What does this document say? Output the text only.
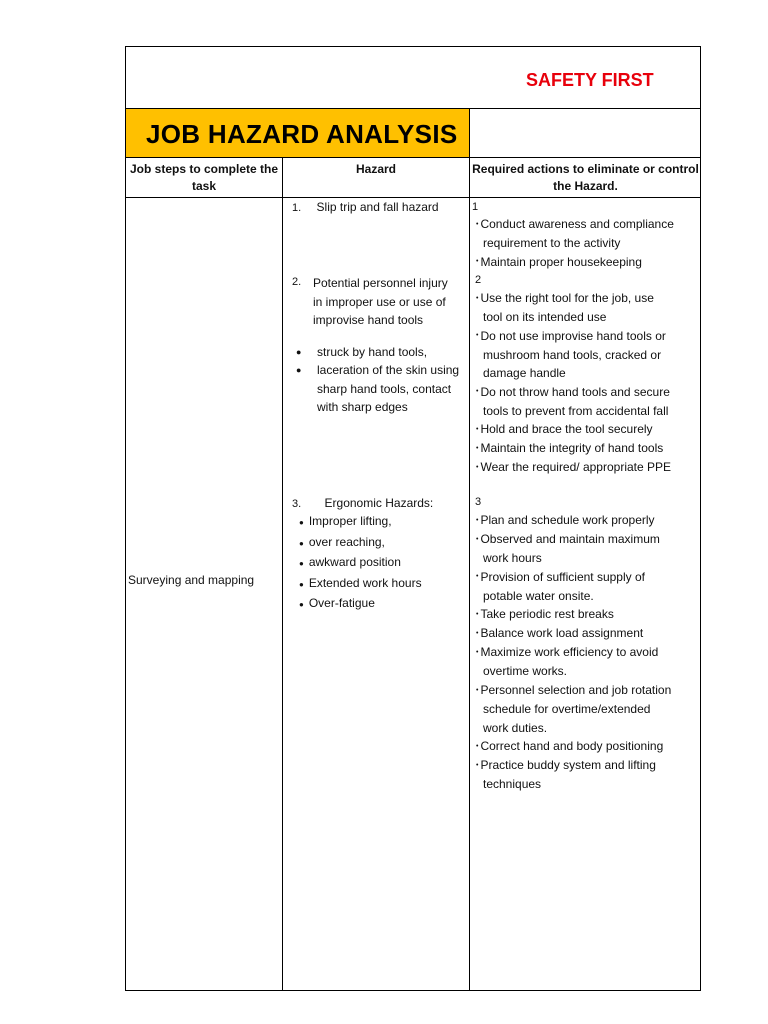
SAFETY FIRST
JOB HAZARD ANALYSIS
Job steps to complete the task
Hazard	Required actions to eliminate or control the Hazard.
Surveying and mapping
1. Slip trip and fall hazard
2. Potential personnel injury
in improper use or use of
improvise hand tools
● struck by hand tools,
● laceration of the skin using
sharp hand tools, contact
with sharp edges
3. Ergonomic Hazards:
● Improper lifting,
● over reaching,
● awkward position
● Extended work hours
● Over-fatigue
1
• Conduct awareness and compliance
requirement to the activity
• Maintain proper housekeeping
2
• Use the right tool for the job, use
tool on its intended use
• Do not use improvise hand tools or
mushroom hand tools, cracked or
damage handle
• Do not throw hand tools and secure
tools to prevent from accidental fall
• Hold and brace the tool securely
• Maintain the integrity of hand tools
• Wear the required/ appropriate PPE
3
• Plan and schedule work properly
• Observed and maintain maximum
work hours
• Provision of sufficient supply of
potable water onsite.
• Take periodic rest breaks
• Balance work load assignment
• Maximize work efficiency to avoid
overtime works.
• Personnel selection and job rotation
schedule for overtime/extended
work duties.
• Correct hand and body positioning
• Practice buddy system and lifting
techniques
